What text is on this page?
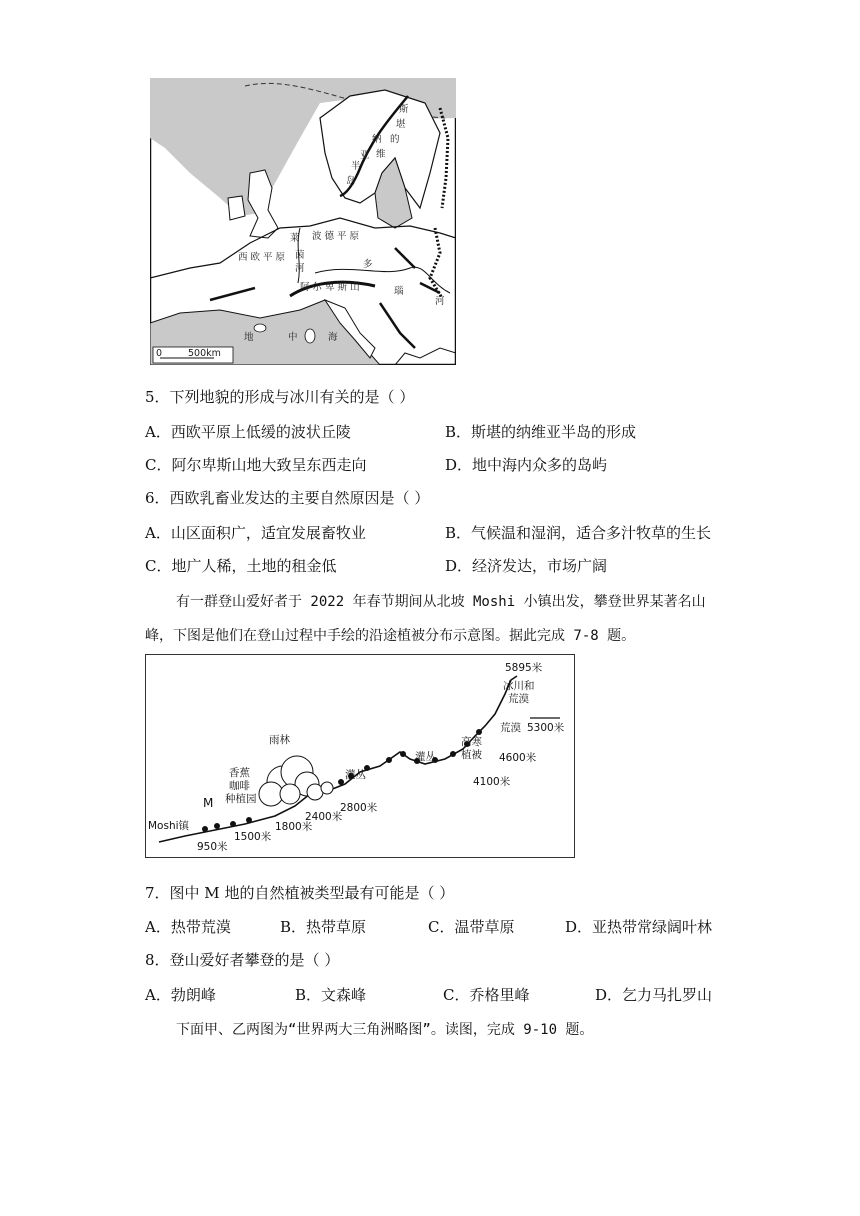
斯
堪
的
纳
维
亚
半
岛
波 德 平 原
西 欧 平 原
莱
茵
河
阿 尔 卑 斯 山
多
瑙
河
地	中	海
0	500km
5．下列地貌的形成与冰川有关的是（ ）
A．西欧平原上低缓的波状丘陵	B．斯堪的纳维亚半岛的形成
C．阿尔卑斯山地大致呈东西走向	D．地中海内众多的岛屿
6．西欧乳畜业发达的主要自然原因是（ ）
A．山区面积广，适宜发展畜牧业	B．气候温和湿润，适合多汁牧草的生长
C．地广人稀，土地的租金低	D．经济发达，市场广阔
有一群登山爱好者于 2022 年春节期间从北坡 Moshi 小镇出发，攀登世界某著名山
峰，下图是他们在登山过程中手绘的沿途植被分布示意图。据此完成 7-8 题。
5895米
冰川和
荒漠
荒漠 5300米
高寒
植被 4600米
4100米
灌丛
灌丛
雨林
2800米
2400米
香蕉
咖啡
种植园
1800米
1500米
M
Moshi镇
950米
7．图中 M 地的自然植被类型最有可能是（ ）
A．热带荒漠	B．热带草原	C．温带草原	D．亚热带常绿阔叶林
8．登山爱好者攀登的是（ ）
A．勃朗峰	B．文森峰	C．乔格里峰	D．乞力马扎罗山
下面甲、乙两图为“世界两大三角洲略图”。读图，完成 9-10 题。
